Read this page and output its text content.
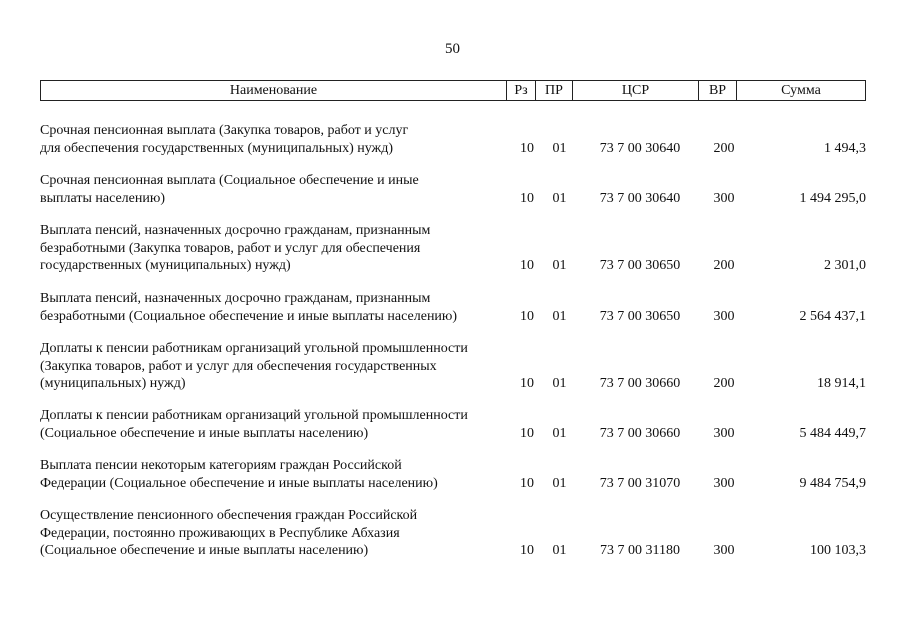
50
Наименование	Рз	ПР	ЦСР	ВР	Сумма
Срочная пенсионная выплата (Закупка товаров, работ и услуг
для обеспечения государственных (муниципальных) нужд)	10	01	73 7 00 30640	200	1 494,3
Срочная пенсионная выплата (Социальное обеспечение и иные
выплаты населению)	10	01	73 7 00 30640	300	1 494 295,0
Выплата пенсий, назначенных досрочно гражданам, признанным
безработными (Закупка товаров, работ и услуг для обеспечения
государственных (муниципальных) нужд)	10	01	73 7 00 30650	200	2 301,0
Выплата пенсий, назначенных досрочно гражданам, признанным
безработными (Социальное обеспечение и иные выплаты населению)	10	01	73 7 00 30650	300	2 564 437,1
Доплаты к пенсии работникам организаций угольной промышленности
(Закупка товаров, работ и услуг для обеспечения государственных
(муниципальных) нужд)	10	01	73 7 00 30660	200	18 914,1
Доплаты к пенсии работникам организаций угольной промышленности
(Социальное обеспечение и иные выплаты населению)	10	01	73 7 00 30660	300	5 484 449,7
Выплата пенсии некоторым категориям граждан Российской
Федерации (Социальное обеспечение и иные выплаты населению)	10	01	73 7 00 31070	300	9 484 754,9
Осуществление пенсионного обеспечения граждан Российской
Федерации, постоянно проживающих в Республике Абхазия
(Социальное обеспечение и иные выплаты населению)	10	01	73 7 00 31180	300	100 103,3
